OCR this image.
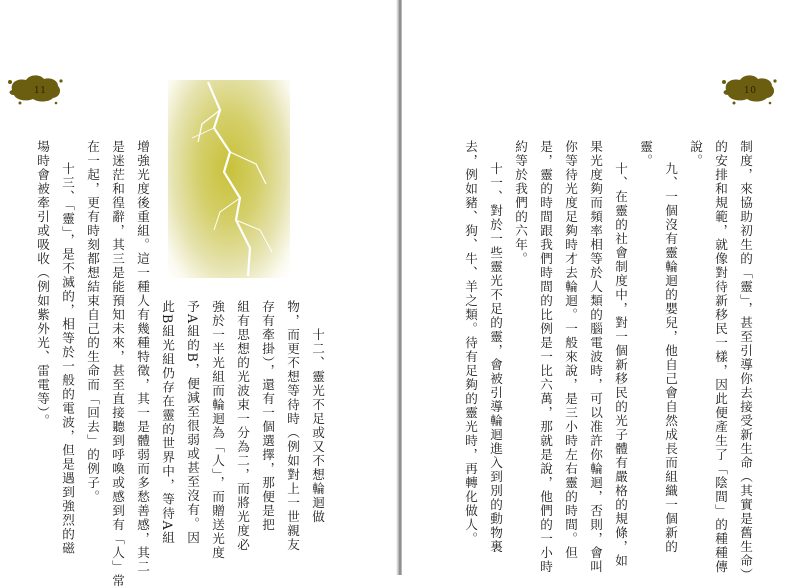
11
十二、靈光不足或又不想輪迴做
物，而更不想等待時（例如對上一世親友
存有牽掛），還有一個選擇，那便是把
組有思想的光波束一分為二，而將光度必
強於一半光組而輪迴為「人」，而贈送光度
予A組的B，便減至很弱或甚至沒有。因
此B組光組仍存在靈的世界中，等待A組
增強光度後重組。這一種人有幾種特徵，其一是體弱而多愁善感，其二
是迷茫和徨辭，其三是能預知未來，甚至直接聽到呼喚或感到有「人」常
在一起，更有時刻都想結束自己的生命而「回去」的例子。
十三、「靈」，是不滅的，相等於一般的電波，但是遇到強烈的磁
場時會被牽引或吸收（例如紫外光、雷電等）。
10
制度，來協助初生的「靈」，甚至引導你去接受新生命（其實是舊生命）
的安排和規範，就像對待新移民一樣，因此便產生了「陰間」的種種傳
說。
九、一個沒有靈輪迴的嬰兒，他自己會自然成長而組織一個新的
靈。
十、在靈的社會制度中，對一個新移民的光子體有嚴格的規條，如
果光度夠而頻率相等於人類的腦電波時，可以准許你輪迴，否則，會叫
你等待光度足夠時才去輪迴。一般來說，是三小時左右靈的時間。但
是，靈的時間跟我們時間的比例是一比六萬，那就是說，他們的一小時
約等於我們的六年。
十一、對於一些靈光不足的靈，會被引導輪迴進入到別的動物裏
去，例如豬、狗、牛、羊之類。待有足夠的靈光時，再轉化做人。
